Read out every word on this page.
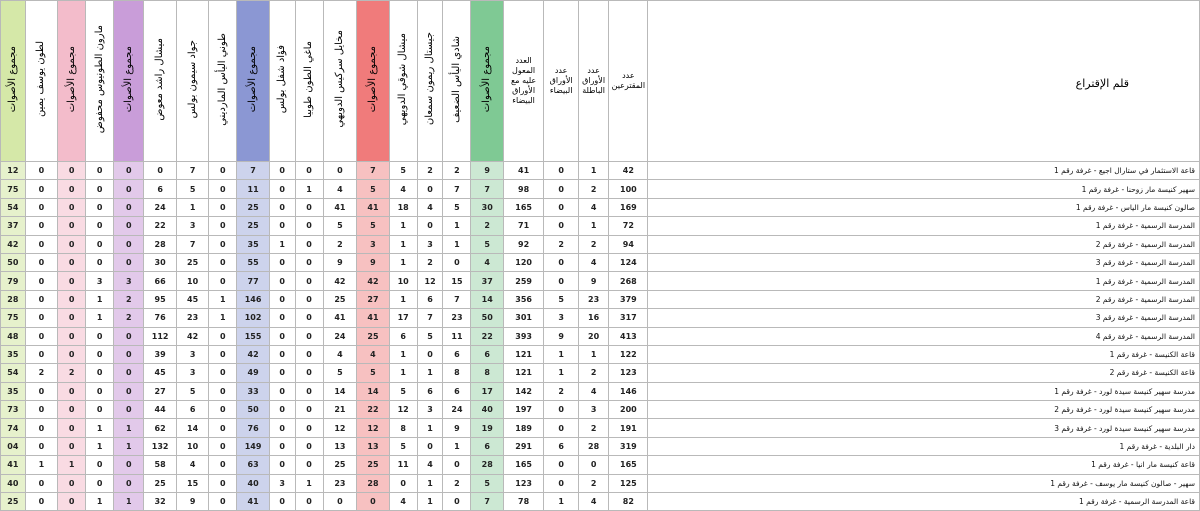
مجموع الأصوات	لطون يوسف يمين	مجموع الأصوات	مارون الطونيوس محفوض	مجموع الأصوات	ميشال راشد معوض	جواد سيمون بولس	طوني اليأس المارديني	مجموع الأصوات	فؤاد شفل بولس	ماغي الطون طوبيا	مخايل سركيس الدويهي	مجموع الأصوات	ميشال شوقي الدويهي	جيستال ريمون سمعان	شادي اليأس الضعيف	مجموع الأصوات	العدد المعول عليه مع الأوراق البيضاء	عدد الأوراق البيضاء	عدد الأوراق الباطلة	عدد المقترعين	قلم الإقتراع
12	0	0	0	0	0	7	0	7	0	0	0	7	5	2	2	9	41	0	1	42	قاعة الاستثمار في ستارال اجيع - غرفة رقم 1
75	0	0	0	0	6	5	0	11	0	1	4	5	4	0	7	7	98	0	2	100	سهير كنيسة مار زوحنا - غرفة رقم 1
54	0	0	0	0	24	1	0	25	0	0	41	41	18	4	5	30	165	0	4	169	صالون كنيسة مار الياس - غرفة رقم 1
37	0	0	0	0	22	3	0	25	0	0	5	5	1	0	1	2	71	0	1	72	المدرسة الرسمية - غرفة رقم 1
42	0	0	0	0	28	7	0	35	1	0	2	3	1	3	1	5	92	2	2	94	المدرسة الرسمية - غرفة رقم 2
50	0	0	0	0	30	25	0	55	0	0	9	9	1	2	0	4	120	0	4	124	المدرسة الرسمية - غرفة رقم 3
79	0	0	3	3	66	10	0	77	0	0	42	42	10	12	15	37	259	0	9	268	المدرسة الرسمية - غرفة رقم 1
28	0	0	1	2	95	45	1	146	0	0	25	27	1	6	7	14	356	5	23	379	المدرسة الرسمية - غرفة رقم 2
75	0	0	1	2	76	23	1	102	0	0	41	41	17	7	23	50	301	3	16	317	المدرسة الرسمية - غرفة رقم 3
48	0	0	0	0	112	42	0	155	0	0	24	25	6	5	11	22	393	9	20	413	المدرسة الرسمية - غرفة رقم 4
35	0	0	0	0	39	3	0	42	0	0	4	4	1	0	6	6	121	1	1	122	قاعة الكنيسة - غرفة رقم 1
54	2	2	0	0	45	3	0	49	0	0	5	5	1	1	8	8	121	1	2	123	قاعة الكنيسة - غرفة رقم 2
35	0	0	0	0	27	5	0	33	0	0	14	14	5	6	6	17	142	2	4	146	مدرسة سهير كنيسة سيدة لورد - غرفة رقم 1
73	0	0	0	0	44	6	0	50	0	0	21	22	12	3	24	40	197	0	3	200	مدرسة سهير كنيسة سيدة لورد - غرفة رقم 2
74	0	0	1	1	62	14	0	76	0	0	12	12	8	1	9	19	189	0	2	191	مدرسة سهير كنيسة سيدة لورد - غرفة رقم 3
04	0	0	1	1	132	10	0	149	0	0	13	13	5	0	1	6	291	6	28	319	دار البلدية - غرفة رقم 1
41	1	1	0	0	58	4	0	63	0	0	25	25	11	4	0	28	165	0	0	165	قاعة كنيسة مار انيا - غرفة رقم 1
40	0	0	0	0	25	15	0	40	3	1	23	28	0	1	2	5	123	0	2	125	سهير - صالون كنيسة مار يوسف - غرفة رقم 1
25	0	0	1	1	32	9	0	41	0	0	0	0	4	1	0	7	78	1	4	82	قاعة المدرسة الرسمية - غرفة رقم 1
